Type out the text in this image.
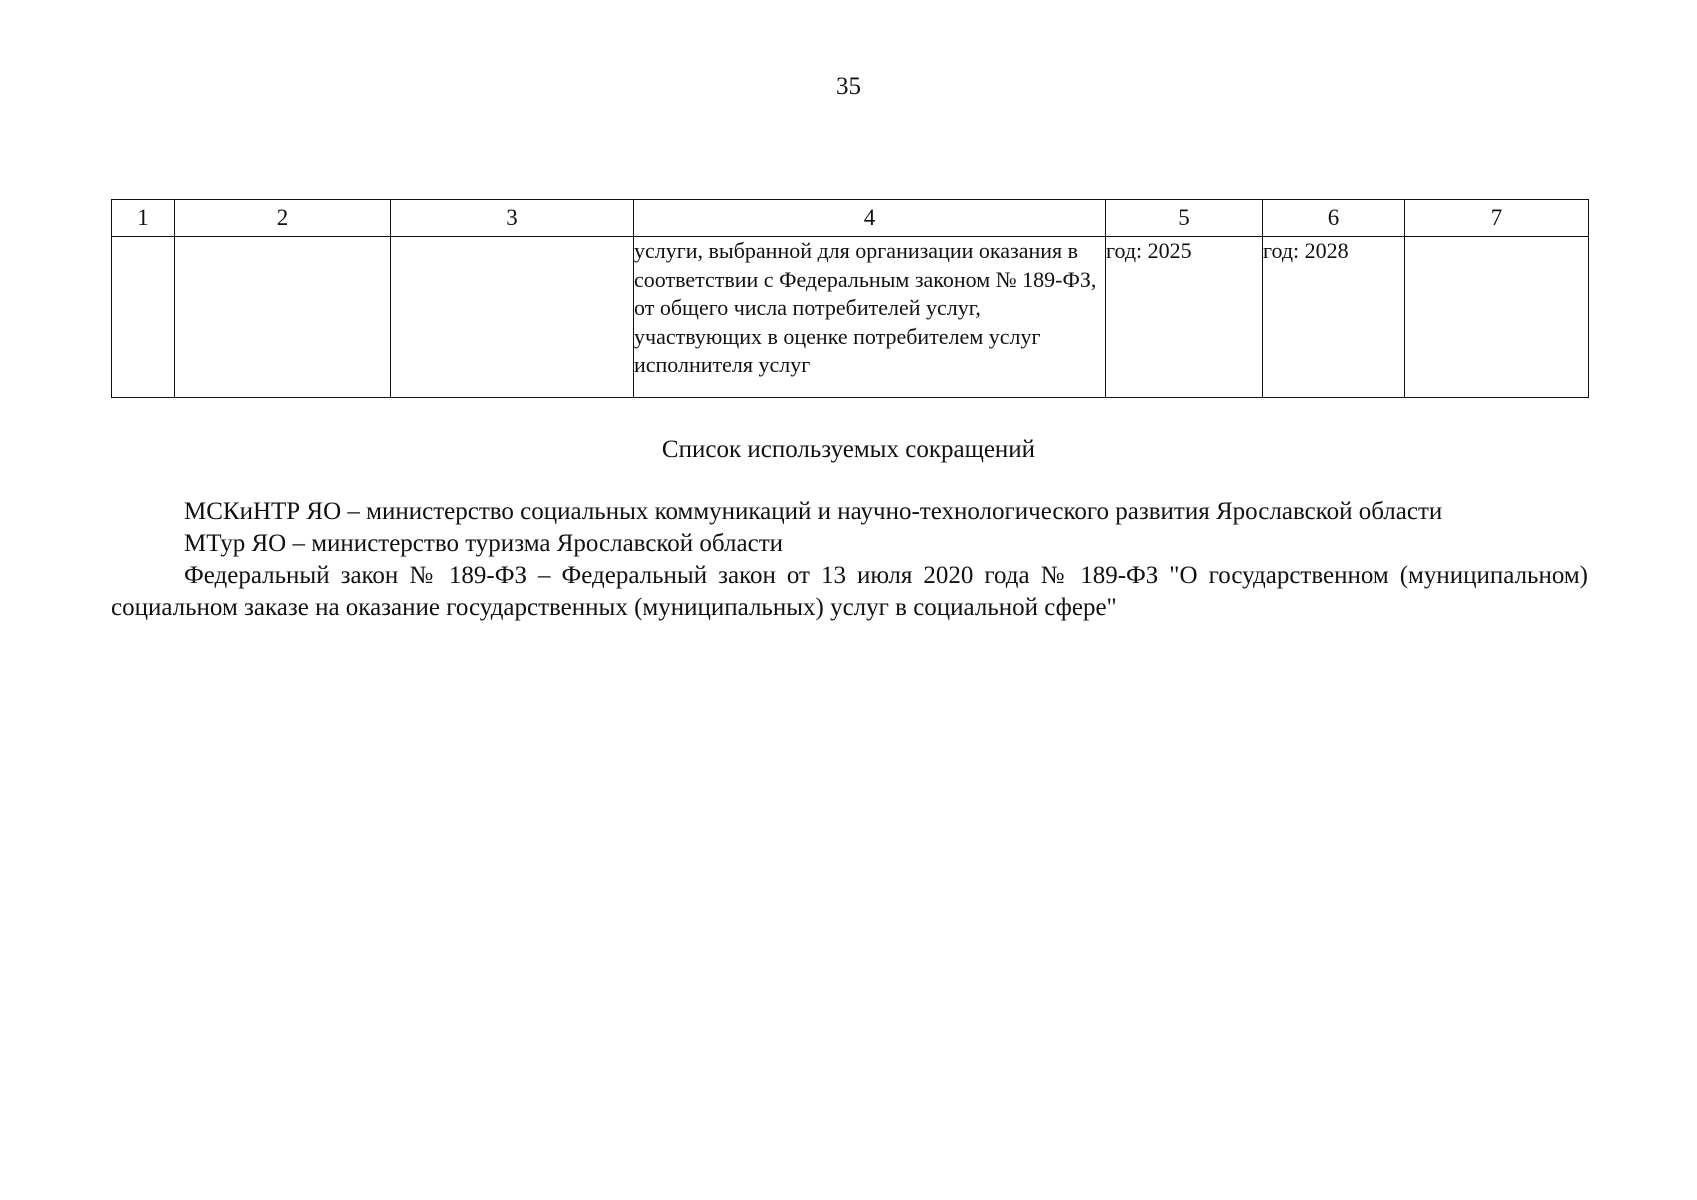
35
1	2	3	4	5	6	7
			услуги, выбранной для организации оказания в соответствии с Федеральным законом № 189-ФЗ, от общего числа потребителей услуг, участвующих в оценке потребителем услуг исполнителя услуг	год: 2025	год: 2028	
Список используемых сокращений

МСКиНТР ЯО – министерство социальных коммуникаций и научно-технологического развития Ярославской области

МТур ЯО – министерство туризма Ярославской области

Федеральный закон № 189-ФЗ – Федеральный закон от 13 июля 2020 года № 189-ФЗ "О государственном (муниципальном) социальном заказе на оказание государственных (муниципальных) услуг в социальной сфере"
